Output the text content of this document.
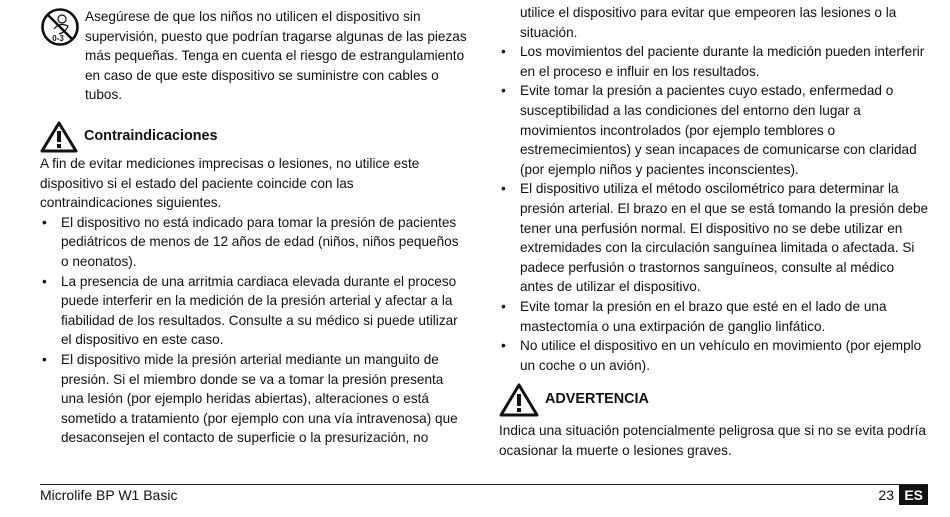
0-3

Asegúrese de que los niños no utilicen el dispositivo sin supervisión, puesto que podrían tragarse algunas de las piezas más pequeñas. Tenga en cuenta el riesgo de estrangulamiento en caso de que este dispositivo se suministre con cables o tubos.

Contraindicaciones

A fin de evitar mediciones imprecisas o lesiones, no utilice este dispositivo si el estado del paciente coincide con las contraindicaciones siguientes.

• El dispositivo no está indicado para tomar la presión de pacientes pediátricos de menos de 12 años de edad (niños, niños pequeños o neonatos).
• La presencia de una arritmia cardiaca elevada durante el proceso puede interferir en la medición de la presión arterial y afectar a la fiabilidad de los resultados. Consulte a su médico si puede utilizar el dispositivo en este caso.
• El dispositivo mide la presión arterial mediante un manguito de presión. Si el miembro donde se va a tomar la presión presenta una lesión (por ejemplo heridas abiertas), alteraciones o está sometido a tratamiento (por ejemplo con una vía intravenosa) que desaconsejen el contacto de superficie o la presurización, no

utilice el dispositivo para evitar que empeoren las lesiones o la situación.

• Los movimientos del paciente durante la medición pueden interferir en el proceso e influir en los resultados.
• Evite tomar la presión a pacientes cuyo estado, enfermedad o susceptibilidad a las condiciones del entorno den lugar a movimientos incontrolados (por ejemplo temblores o estremecimientos) y sean incapaces de comunicarse con claridad (por ejemplo niños y pacientes inconscientes).
• El dispositivo utiliza el método oscilométrico para determinar la presión arterial. El brazo en el que se está tomando la presión debe tener una perfusión normal. El dispositivo no se debe utilizar en extremidades con la circulación sanguínea limitada o afectada. Si padece perfusión o trastornos sanguíneos, consulte al médico antes de utilizar el dispositivo.
• Evite tomar la presión en el brazo que esté en el lado de una mastectomía o una extirpación de ganglio linfático.
• No utilice el dispositivo en un vehículo en movimiento (por ejemplo un coche o un avión).
ADVERTENCIA

Indica una situación potencialmente peligrosa que si no se evita podría ocasionar la muerte o lesiones graves.

Microlife BP W1 Basic	23 ES
